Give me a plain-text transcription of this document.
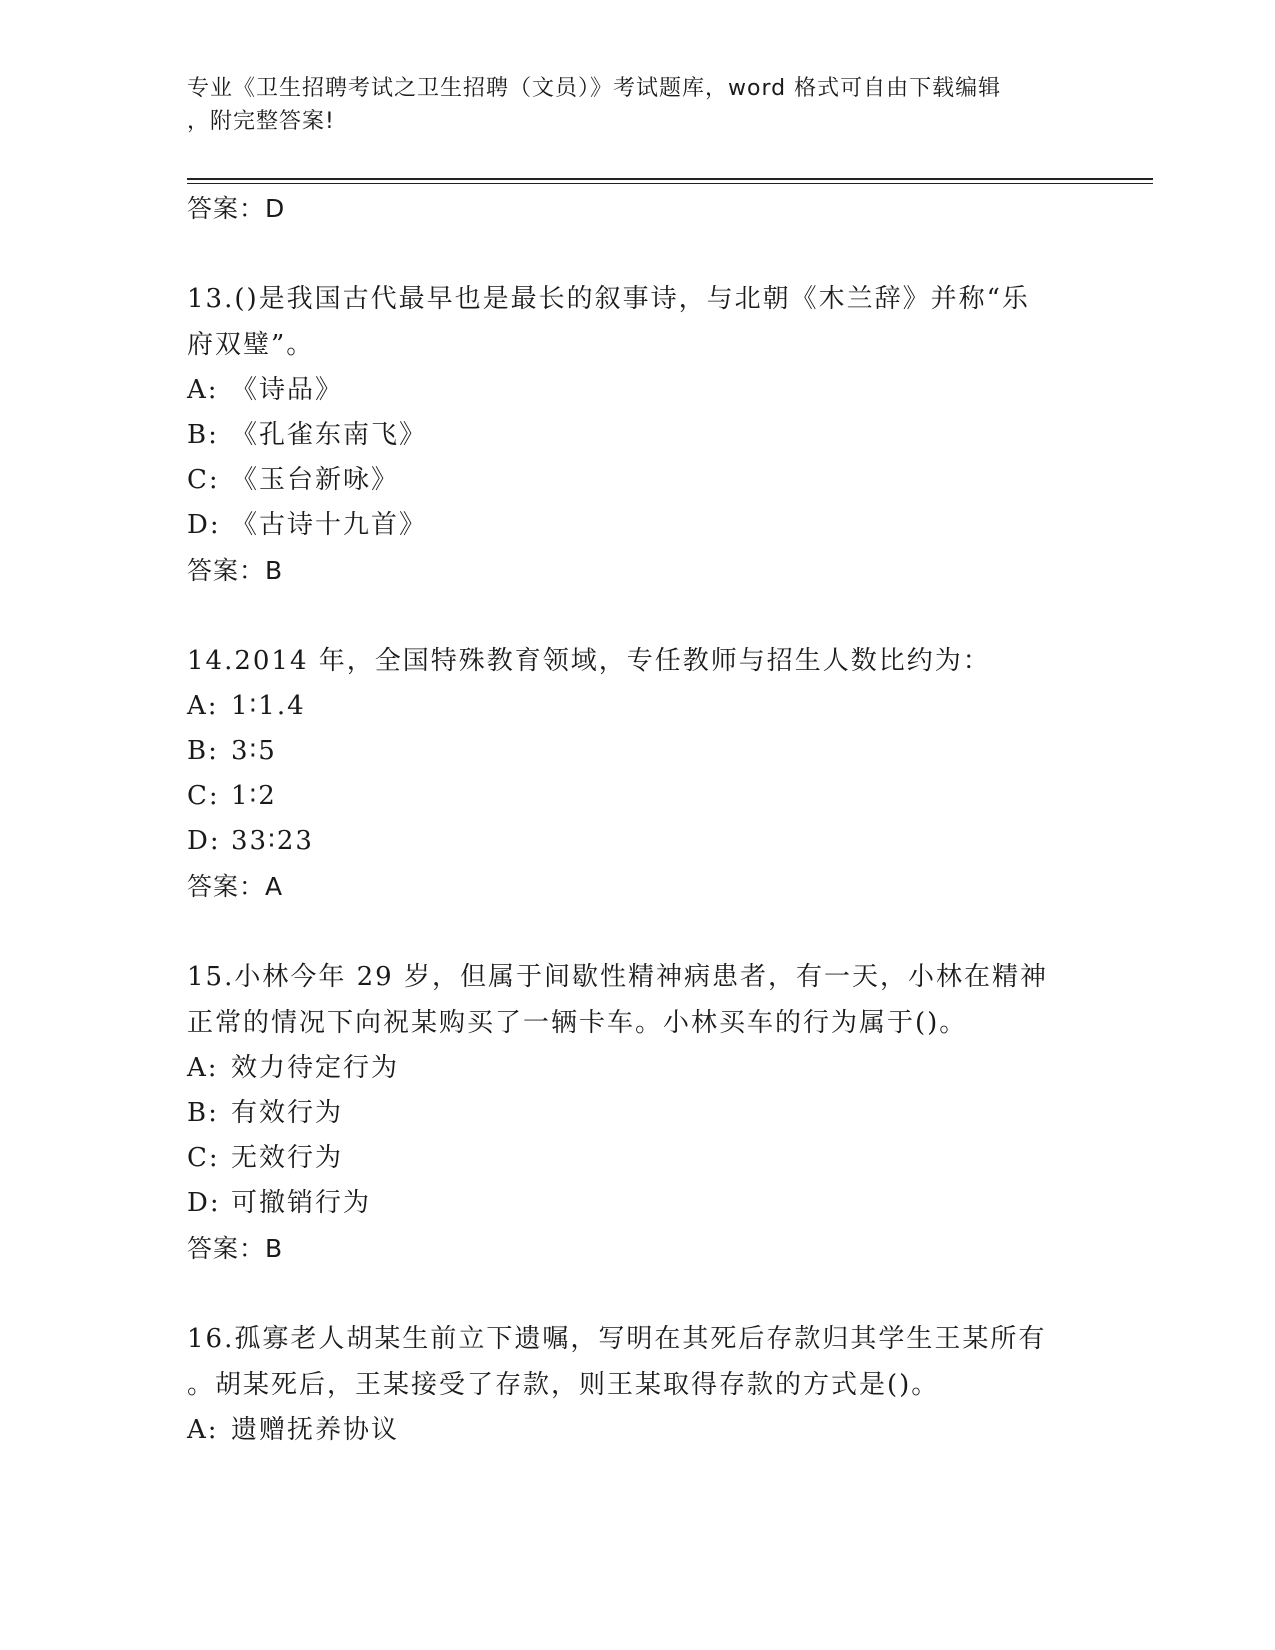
专业《卫生招聘考试之卫生招聘（文员）》考试题库，word 格式可自由下载编辑
，附完整答案!
答案：D
13.()是我国古代最早也是最长的叙事诗，与北朝《木兰辞》并称“乐
府双璧”。
A: 《诗品》
B: 《孔雀东南飞》
C: 《玉台新咏》
D: 《古诗十九首》
答案：B
14.2014 年，全国特殊教育领域，专任教师与招生人数比约为：
A: 1∶1.4
B: 3∶5
C: 1∶2
D: 33∶23
答案：A
15.小林今年 29 岁，但属于间歇性精神病患者，有一天，小林在精神
正常的情况下向祝某购买了一辆卡车。小林买车的行为属于()。
A: 效力待定行为
B: 有效行为
C: 无效行为
D: 可撤销行为
答案：B
16.孤寡老人胡某生前立下遗嘱，写明在其死后存款归其学生王某所有
。胡某死后，王某接受了存款，则王某取得存款的方式是()。
A: 遗赠抚养协议
